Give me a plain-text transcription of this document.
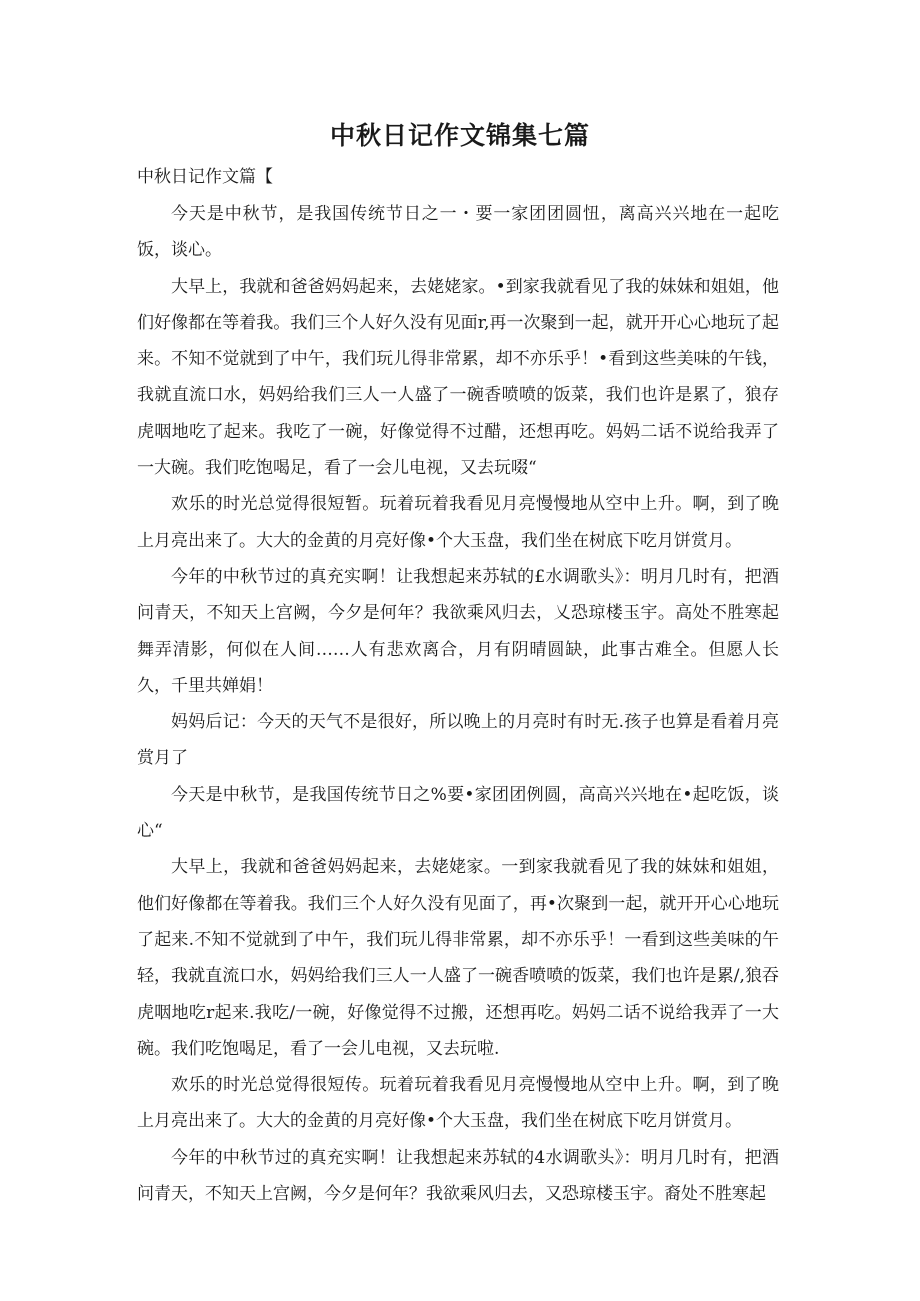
中秋日记作文锦集七篇
中秋日记作文篇【

今天是中秋节，是我国传统节日之一・要一家团团圆忸，离高兴兴地在一起吃饭，谈心。

大早上，我就和爸爸妈妈起来，去姥姥家。•到家我就看见了我的妹妹和姐姐，他们好像都在等着我。我们三个人好久没有见面r,再一次聚到一起，就开开心心地玩了起来。不知不觉就到了中午，我们玩儿得非常累，却不亦乐乎！•看到这些美味的午钱，我就直流口水，妈妈给我们三人一人盛了一碗香喷喷的饭菜，我们也许是累了，狼存虎咽地吃了起来。我吃了一碗，好像觉得不过醋，还想再吃。妈妈二话不说给我弄了一大碗。我们吃饱喝足，看了一会儿电视，又去玩啜“

欢乐的时光总觉得很短暂。玩着玩着我看见月亮慢慢地从空中上升。啊，到了晚上月亮出来了。大大的金黄的月亮好像•个大玉盘，我们坐在树底下吃月饼赏月。

今年的中秋节过的真充实啊！让我想起来苏轼的£水调歌头》：明月几时有，把酒问青天，不知天上宫阙，今夕是何年？我欲乘风归去，乂恐琼楼玉宇。高处不胜寒起舞弄清影，何似在人间……人有悲欢离合，月有阴晴圆缺，此事古难全。但愿人长久，千里共婵娟！

妈妈后记：今天的天气不是很好，所以晚上的月亮时有时无.孩子也算是看着月亮赏月了

今天是中秋节，是我国传统节日之%要•家团团例圆，高高兴兴地在•起吃饭，谈心“

大早上，我就和爸爸妈妈起来，去姥姥家。一到家我就看见了我的妹妹和姐姐，他们好像都在等着我。我们三个人好久没有见面了，再•次聚到一起，就开开心心地玩了起来.不知不觉就到了中午，我们玩儿得非常累，却不亦乐乎！一看到这些美味的午轻，我就直流口水，妈妈给我们三人一人盛了一碗香喷喷的饭菜，我们也许是累/,狼吞虎咽地吃r起来.我吃/一碗，好像觉得不过搬，还想再吃。妈妈二话不说给我弄了一大碗。我们吃饱喝足，看了一会儿电视，又去玩啦.

欢乐的时光总觉得很短传。玩着玩着我看见月亮慢慢地从空中上升。啊，到了晚上月亮出来了。大大的金黄的月亮好像•个大玉盘，我们坐在树底下吃月饼赏月。

今年的中秋节过的真充实啊！让我想起来苏轼的4水调歌头》：明月几时有，把酒问青天，不知天上宫阙，今夕是何年？我欲乘风归去，又恐琼楼玉宇。裔处不胜寒起
